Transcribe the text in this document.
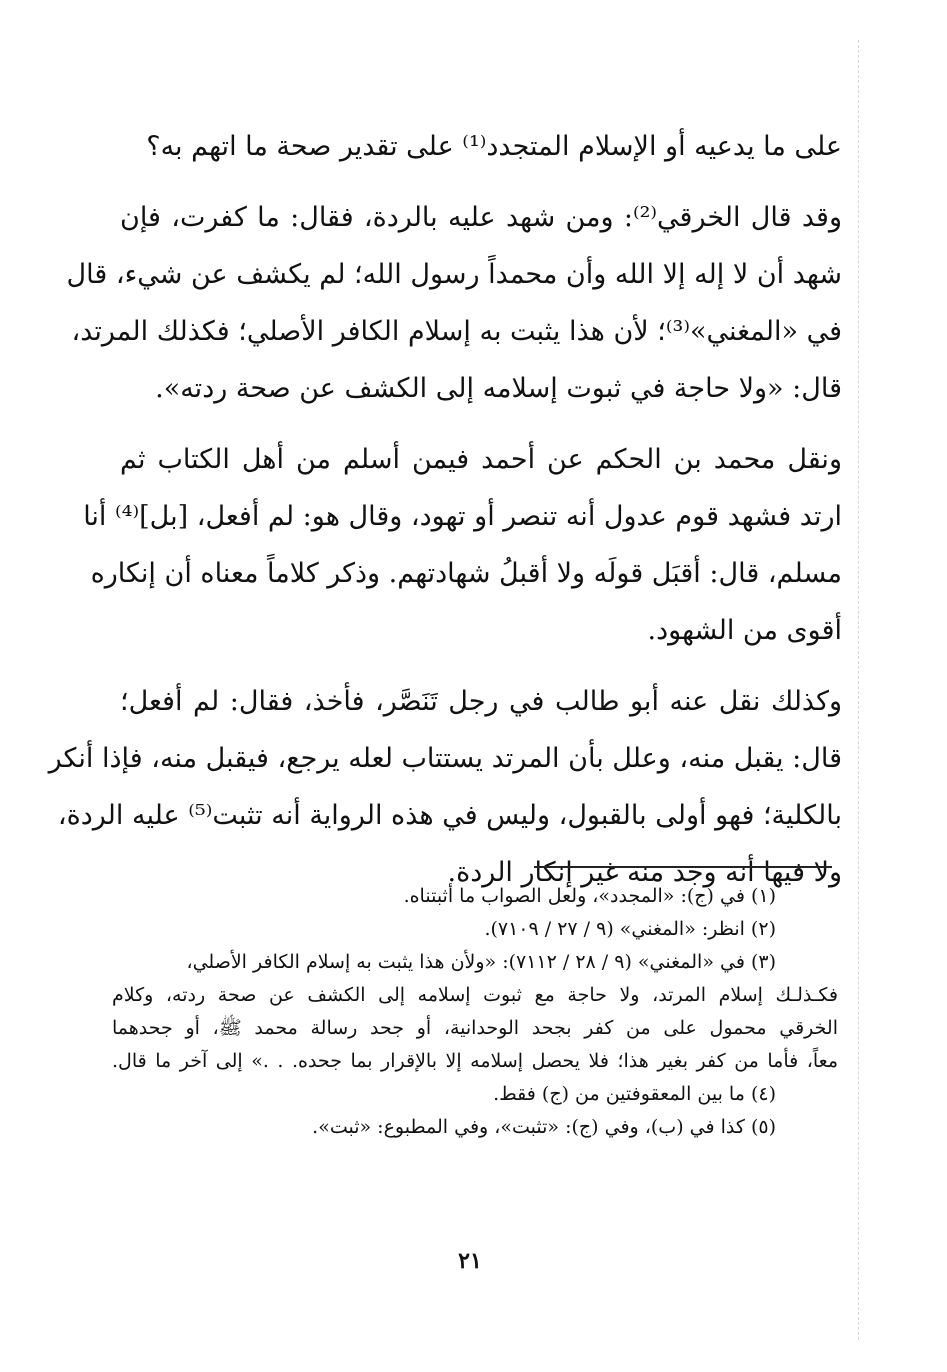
على ما يدعيه أو الإسلام المتجدد⁽¹⁾ على تقدير صحة ما اتهم به؟
وقد قال الخرقي⁽²⁾: ومن شهد عليه بالردة، فقال: ما كفرت، فإن
شهد أن لا إله إلا الله وأن محمداً رسول الله؛ لم يكشف عن شيء، قال
في «المغني»⁽³⁾؛ لأن هذا يثبت به إسلام الكافر الأصلي؛ فكذلك المرتد،
قال: «ولا حاجة في ثبوت إسلامه إلى الكشف عن صحة ردته».
ونقل محمد بن الحكم عن أحمد فيمن أسلم من أهل الكتاب ثم
ارتد فشهد قوم عدول أنه تنصر أو تهود، وقال هو: لم أفعل، [بل]⁽⁴⁾ أنا
مسلم، قال: أقبَل قولَه ولا أقبلُ شهادتهم. وذكر كلاماً معناه أن إنكاره
أقوى من الشهود.
وكذلك نقل عنه أبو طالب في رجل تَنَصَّر، فأخذ، فقال: لم أفعل؛
قال: يقبل منه، وعلل بأن المرتد يستتاب لعله يرجع، فيقبل منه، فإذا أنكر
بالكلية؛ فهو أولى بالقبول، وليس في هذه الرواية أنه تثبت⁽⁵⁾ عليه الردة،
ولا فيها أنه وجد منه غير إنكار الردة.
(١) في (ج): «المجدد»، ولعل الصواب ما أثبتناه.
(٢) انظر: «المغني» (٩ / ٢٧ / ٧١٠٩).
(٣) في «المغني» (٩ / ٢٨ / ٧١١٢): «ولأن هذا يثبت به إسلام الكافر الأصلي،
فكـذلـك إسلام المرتد، ولا حاجة مع ثبوت إسلامه إلى الكشف عن صحة ردته، وكلام
الخرقي محمول على من كفر بجحد الوحدانية، أو جحد رسالة محمد ﷺ، أو جحدهما
معاً، فأما من كفر بغير هذا؛ فلا يحصل إسلامه إلا بالإقرار بما جحده. . .» إلى آخر ما قال.
(٤) ما بين المعقوفتين من (ج) فقط.
(٥) كذا في (ب)، وفي (ج): «تثبت»، وفي المطبوع: «ثبت».
٢١
